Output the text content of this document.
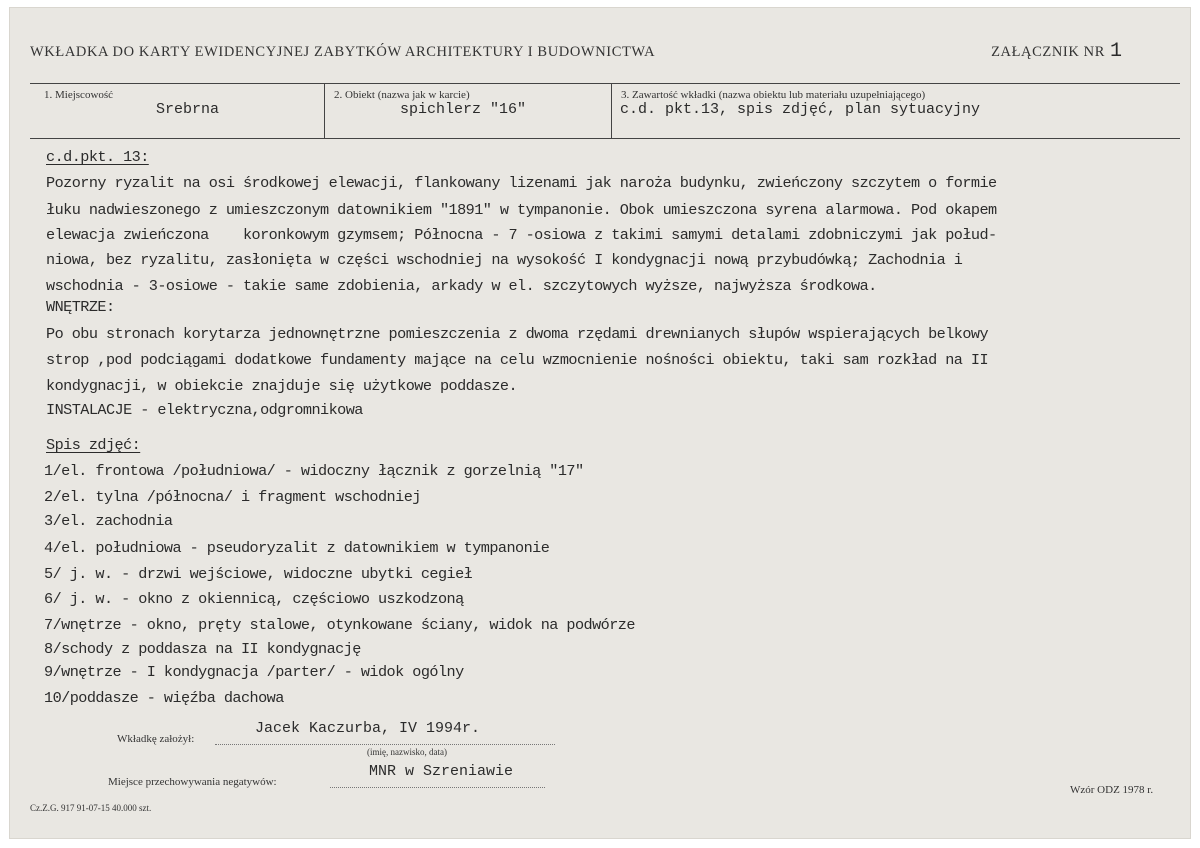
WKŁADKA DO KARTY EWIDENCYJNEJ ZABYTKÓW ARCHITEKTURY I BUDOWNICTWA	ZAŁĄCZNIK NR 1
1. Miejscowość
Srebrna
2. Obiekt (nazwa jak w karcie)
spichlerz "16"
3. Zawartość wkładki (nazwa obiektu lub materiału uzupełniającego)
c.d. pkt.13, spis zdjęć, plan sytuacyjny
c.d.pkt. 13:
Pozorny ryzalit na osi środkowej elewacji, flankowany lizenami jak naroża budynku, zwieńczony szczytem o formie
łuku nadwieszonego z umieszczonym datownikiem "1891" w tympanonie. Obok umieszczona syrena alarmowa. Pod okapem
elewacja zwieńczona    koronkowym gzymsem; Północna - 7 -osiowa z takimi samymi detalami zdobniczymi jak połud-
niowa, bez ryzalitu, zasłonięta w części wschodniej na wysokość I kondygnacji nową przybudówką; Zachodnia i
wschodnia - 3-osiowe - takie same zdobienia, arkady w el. szczytowych wyższe, najwyższa środkowa.
WNĘTRZE:
Po obu stronach korytarza jednownętrzne pomieszczenia z dwoma rzędami drewnianych słupów wspierających belkowy
strop ,pod podciągami dodatkowe fundamenty mające na celu wzmocnienie nośności obiektu, taki sam rozkład na II
kondygnacji, w obiekcie znajduje się użytkowe poddasze.
INSTALACJE - elektryczna,odgromnikowa
Spis zdjęć:
1/el. frontowa /południowa/ - widoczny łącznik z gorzelnią "17"
2/el. tylna /północna/ i fragment wschodniej
3/el. zachodnia
4/el. południowa - pseudoryzalit z datownikiem w tympanonie
5/ j. w. - drzwi wejściowe, widoczne ubytki cegieł
6/ j. w. - okno z okiennicą, częściowo uszkodzoną
7/wnętrze - okno, pręty stalowe, otynkowane ściany, widok na podwórze
8/schody z poddasza na II kondygnację
9/wnętrze - I kondygnacja /parter/ - widok ogólny
10/poddasze - więźba dachowa
Wkładkę założył:
Jacek Kaczurba, IV 1994r.
(imię, nazwisko, data)
Miejsce przechowywania negatywów:
MNR w Szreniawie
Cz.Z.G. 917 91-07-15 40.000 szt.
Wzór ODZ 1978 r.
